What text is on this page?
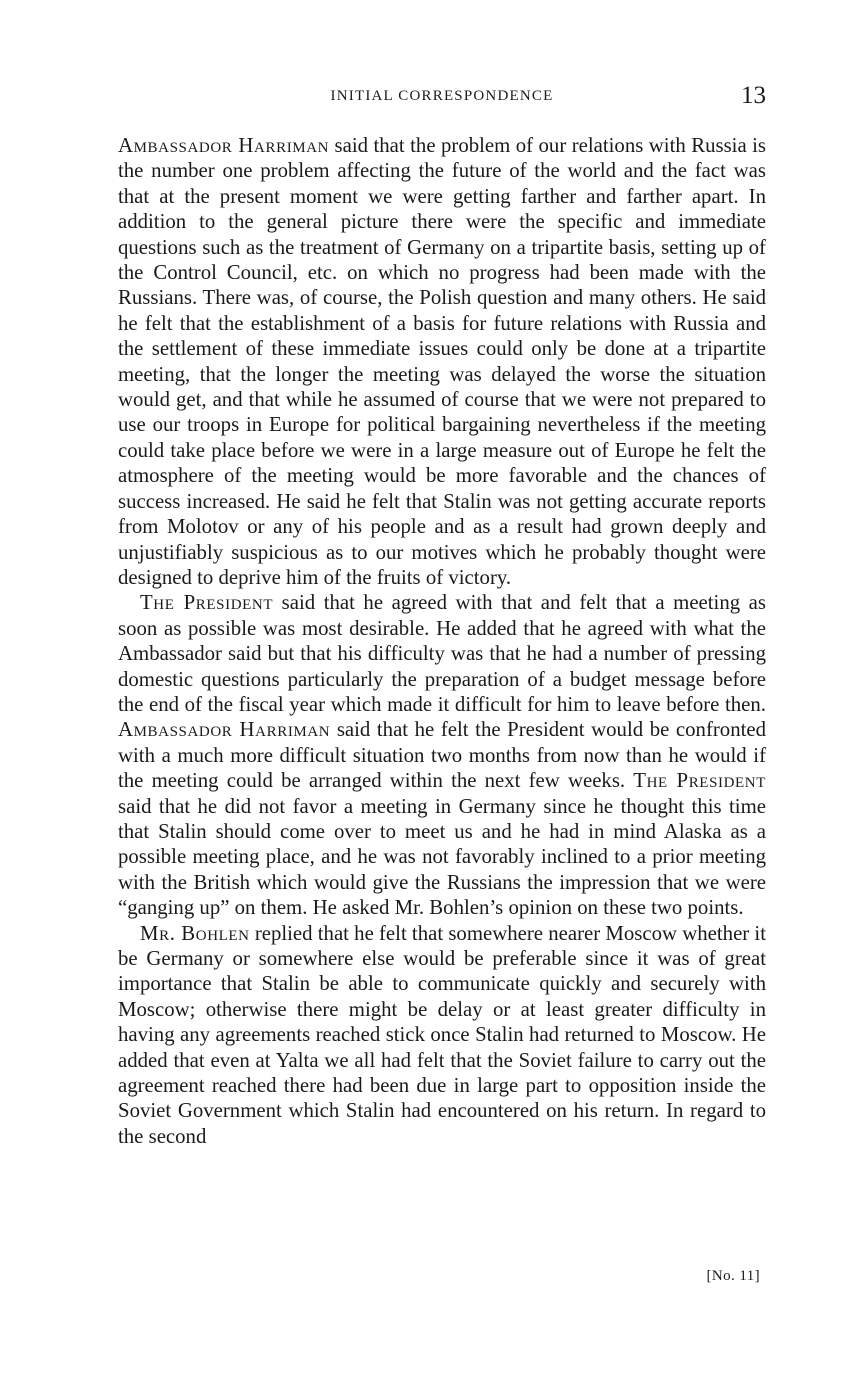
INITIAL CORRESPONDENCE	13

Ambassador Harriman said that the problem of our relations with Russia is the number one problem affecting the future of the world and the fact was that at the present moment we were getting farther and farther apart. In addition to the general picture there were the specific and immediate questions such as the treatment of Germany on a tripartite basis, setting up of the Control Council, etc. on which no progress had been made with the Russians. There was, of course, the Polish question and many others. He said he felt that the establishment of a basis for future relations with Russia and the settlement of these immediate issues could only be done at a tripartite meeting, that the longer the meeting was delayed the worse the situation would get, and that while he assumed of course that we were not prepared to use our troops in Europe for political bargaining nevertheless if the meeting could take place before we were in a large measure out of Europe he felt the atmosphere of the meeting would be more favorable and the chances of success increased. He said he felt that Stalin was not getting accurate reports from Molotov or any of his people and as a result had grown deeply and unjustifiably suspicious as to our motives which he probably thought were designed to deprive him of the fruits of victory.

The President said that he agreed with that and felt that a meeting as soon as possible was most desirable. He added that he agreed with what the Ambassador said but that his difficulty was that he had a number of pressing domestic questions particularly the preparation of a budget message before the end of the fiscal year which made it difficult for him to leave before then. Ambassador Harriman said that he felt the President would be confronted with a much more difficult situation two months from now than he would if the meeting could be arranged within the next few weeks. The President said that he did not favor a meeting in Germany since he thought this time that Stalin should come over to meet us and he had in mind Alaska as a possible meeting place, and he was not favorably inclined to a prior meeting with the British which would give the Russians the impression that we were “ganging up” on them. He asked Mr. Bohlen’s opinion on these two points.

Mr. Bohlen replied that he felt that somewhere nearer Moscow whether it be Germany or somewhere else would be preferable since it was of great importance that Stalin be able to communicate quickly and securely with Moscow; otherwise there might be delay or at least greater difficulty in having any agreements reached stick once Stalin had returned to Moscow. He added that even at Yalta we all had felt that the Soviet failure to carry out the agreement reached there had been due in large part to opposition inside the Soviet Government which Stalin had encountered on his return. In regard to the second

[No. 11]
